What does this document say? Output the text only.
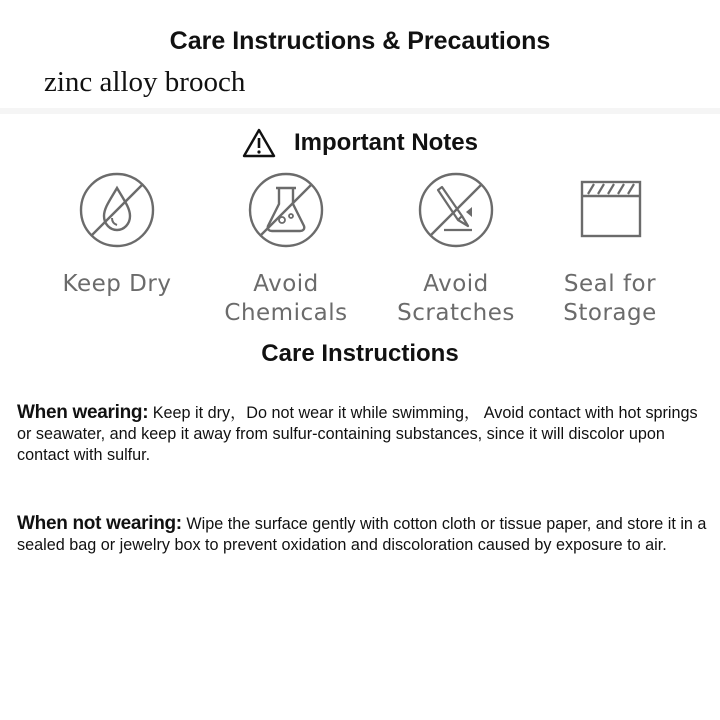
Care Instructions & Precautions
zinc alloy brooch
Important Notes
Keep Dry	Avoid
Chemicals
Avoid
Scratches
Seal for
Storage
Care Instructions
When wearing: Keep it dry，Do not wear it while swimming， Avoid contact with hot springs or seawater, and keep it away from sulfur-containing substances, since it will discolor upon contact with sulfur.
When not wearing: Wipe the surface gently with cotton cloth or tissue paper, and store it in a sealed bag or jewelry box to prevent oxidation and discoloration caused by exposure to air.
